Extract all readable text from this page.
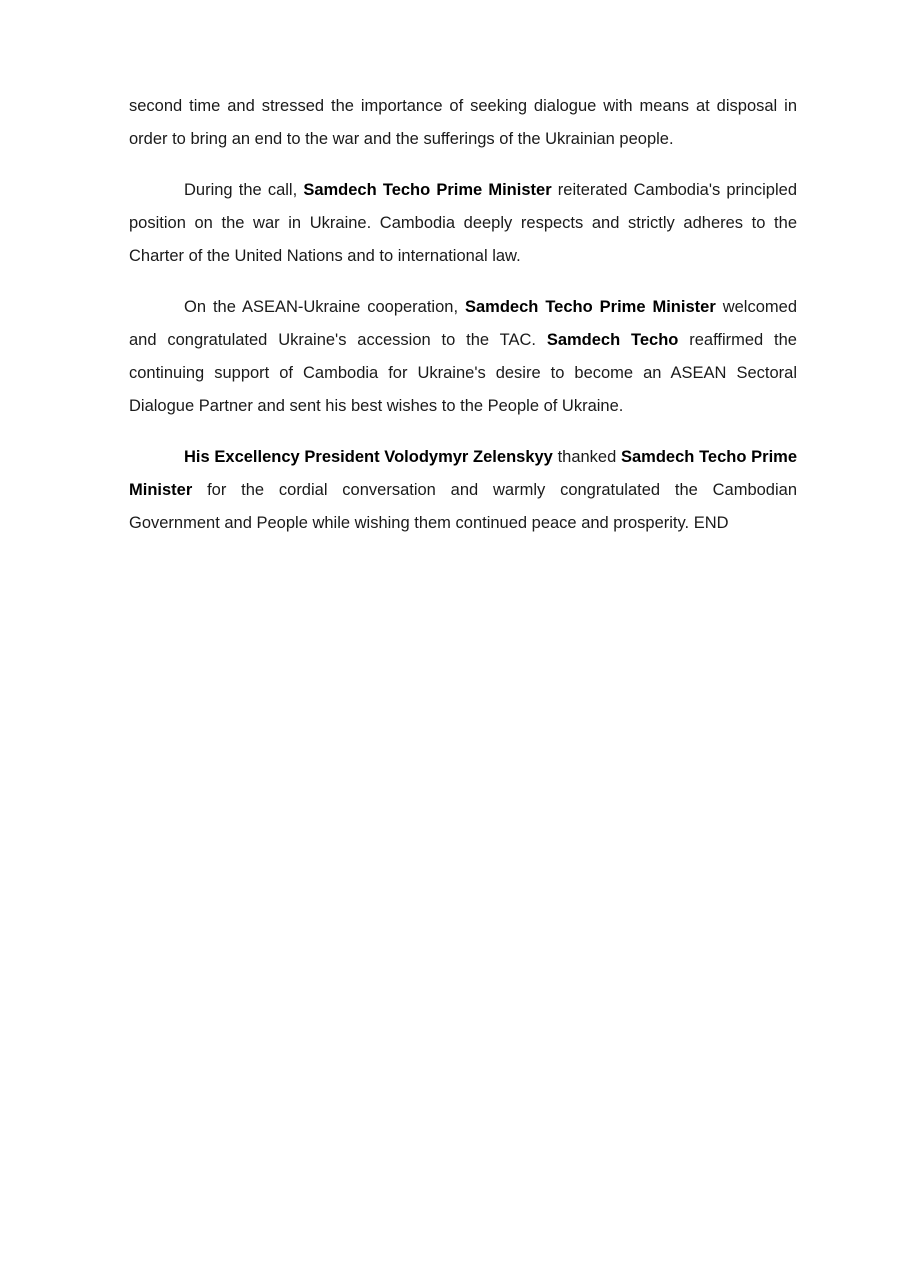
second time and stressed the importance of seeking dialogue with means at disposal in order to bring an end to the war and the sufferings of the Ukrainian people.

During the call, Samdech Techo Prime Minister reiterated Cambodia's principled position on the war in Ukraine. Cambodia deeply respects and strictly adheres to the Charter of the United Nations and to international law.

On the ASEAN-Ukraine cooperation, Samdech Techo Prime Minister welcomed and congratulated Ukraine's accession to the TAC. Samdech Techo reaffirmed the continuing support of Cambodia for Ukraine's desire to become an ASEAN Sectoral Dialogue Partner and sent his best wishes to the People of Ukraine.

His Excellency President Volodymyr Zelenskyy thanked Samdech Techo Prime Minister for the cordial conversation and warmly congratulated the Cambodian Government and People while wishing them continued peace and prosperity. END
